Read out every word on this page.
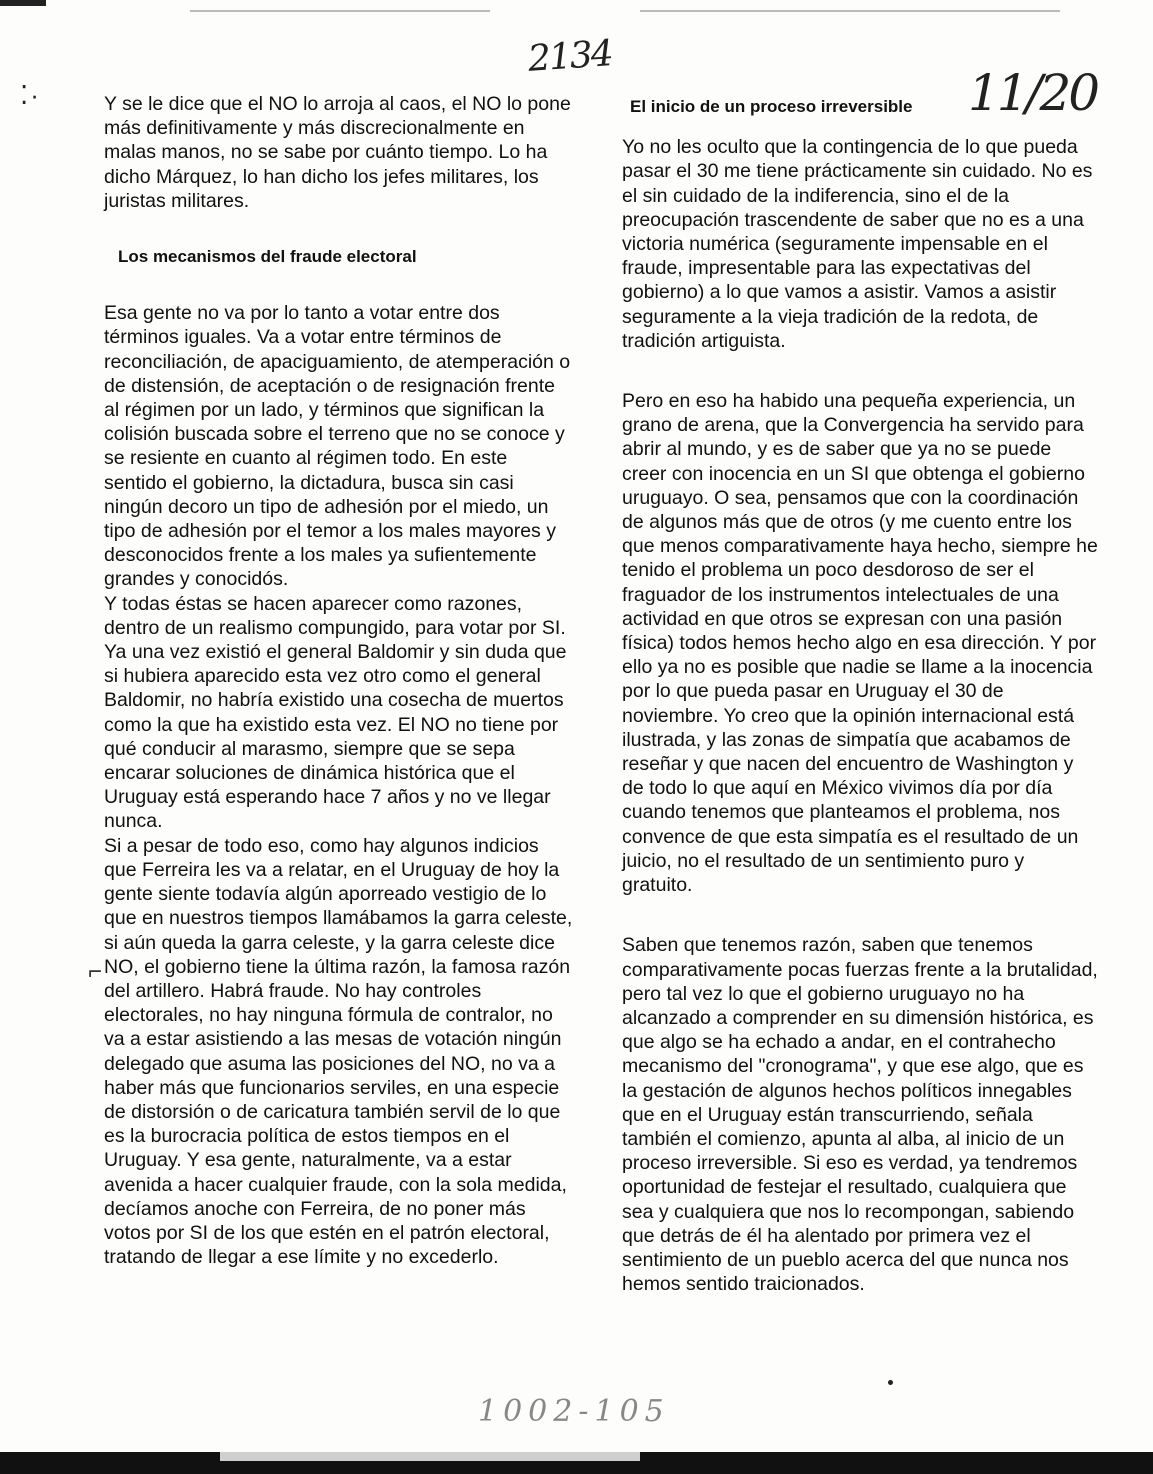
⁚·
2134
11/20

Y se le dice que el NO lo arroja al caos, el NO lo pone más definitivamente y más discrecionalmente en malas manos, no se sabe por cuánto tiempo. Lo ha dicho Márquez, lo han dicho los jefes militares, los juristas militares.

Los mecanismos del fraude electoral

Esa gente no va por lo tanto a votar entre dos términos iguales. Va a votar entre términos de reconciliación, de apaciguamiento, de atemperación o de distensión, de aceptación o de resignación frente al régimen por un lado, y términos que significan la colisión buscada sobre el terreno que no se conoce y se resiente en cuanto al régimen todo. En este sentido el gobierno, la dictadura, busca sin casi ningún decoro un tipo de adhesión por el miedo, un tipo de adhesión por el temor a los males mayores y desconocidos frente a los males ya sufientemente grandes y conocidós.

Y todas éstas se hacen aparecer como razones, dentro de un realismo compungido, para votar por SI. Ya una vez existió el general Baldomir y sin duda que si hubiera aparecido esta vez otro como el general Baldomir, no habría existido una cosecha de muertos como la que ha existido esta vez. El NO no tiene por qué conducir al marasmo, siempre que se sepa encarar soluciones de dinámica histórica que el Uruguay está esperando hace 7 años y no ve llegar nunca.

Si a pesar de todo eso, como hay algunos indicios que Ferreira les va a relatar, en el Uruguay de hoy la gente siente todavía algún aporreado vestigio de lo que en nuestros tiempos llamábamos la garra celeste, si aún queda la garra celeste, y la garra celeste dice NO, el gobierno tiene la última razón, la famosa razón del artillero. Habrá fraude. No hay controles electorales, no hay ninguna fórmula de contralor, no va a estar asistiendo a las mesas de votación ningún delegado que asuma las posiciones del NO, no va a haber más que funcionarios serviles, en una especie de distorsión o de caricatura también servil de lo que es la burocracia política de estos tiempos en el Uruguay. Y esa gente, naturalmente, va a estar avenida a hacer cualquier fraude, con la sola medida, decíamos anoche con Ferreira, de no poner más votos por SI de los que estén en el patrón electoral, tratando de llegar a ese límite y no excederlo.

⌐

El inicio de un proceso irreversible

Yo no les oculto que la contingencia de lo que pueda pasar el 30 me tiene prácticamente sin cuidado. No es el sin cuidado de la indiferencia, sino el de la preocupación trascendente de saber que no es a una victoria numérica (seguramente impensable en el fraude, impresentable para las expectativas del gobierno) a lo que vamos a asistir. Vamos a asistir seguramente a la vieja tradición de la redota, de tradición artiguista.

Pero en eso ha habido una pequeña experiencia, un grano de arena, que la Convergencia ha servido para abrir al mundo, y es de saber que ya no se puede creer con inocencia en un SI que obtenga el gobierno uruguayo. O sea, pensamos que con la coordinación de algunos más que de otros (y me cuento entre los que menos comparativamente haya hecho, siempre he tenido el problema un poco desdoroso de ser el fraguador de los instrumentos intelectuales de una actividad en que otros se expresan con una pasión física) todos hemos hecho algo en esa dirección. Y por ello ya no es posible que nadie se llame a la inocencia por lo que pueda pasar en Uruguay el 30 de noviembre. Yo creo que la opinión internacional está ilustrada, y las zonas de simpatía que acabamos de reseñar y que nacen del encuentro de Washington y de todo lo que aquí en México vivimos día por día cuando tenemos que planteamos el problema, nos convence de que esta simpatía es el resultado de un juicio, no el resultado de un sentimiento puro y gratuito.

Saben que tenemos razón, saben que tenemos comparativamente pocas fuerzas frente a la brutalidad, pero tal vez lo que el gobierno uruguayo no ha alcanzado a comprender en su dimensión histórica, es que algo se ha echado a andar, en el contrahecho mecanismo del "cronograma", y que ese algo, que es la gestación de algunos hechos políticos innegables que en el Uruguay están transcurriendo, señala también el comienzo, apunta al alba, al inicio de un proceso irreversible. Si eso es verdad, ya tendremos oportunidad de festejar el resultado, cualquiera que sea y cualquiera que nos lo recompongan, sabiendo que detrás de él ha alentado por primera vez el sentimiento de un pueblo acerca del que nunca nos hemos sentido traicionados.

1002-105
